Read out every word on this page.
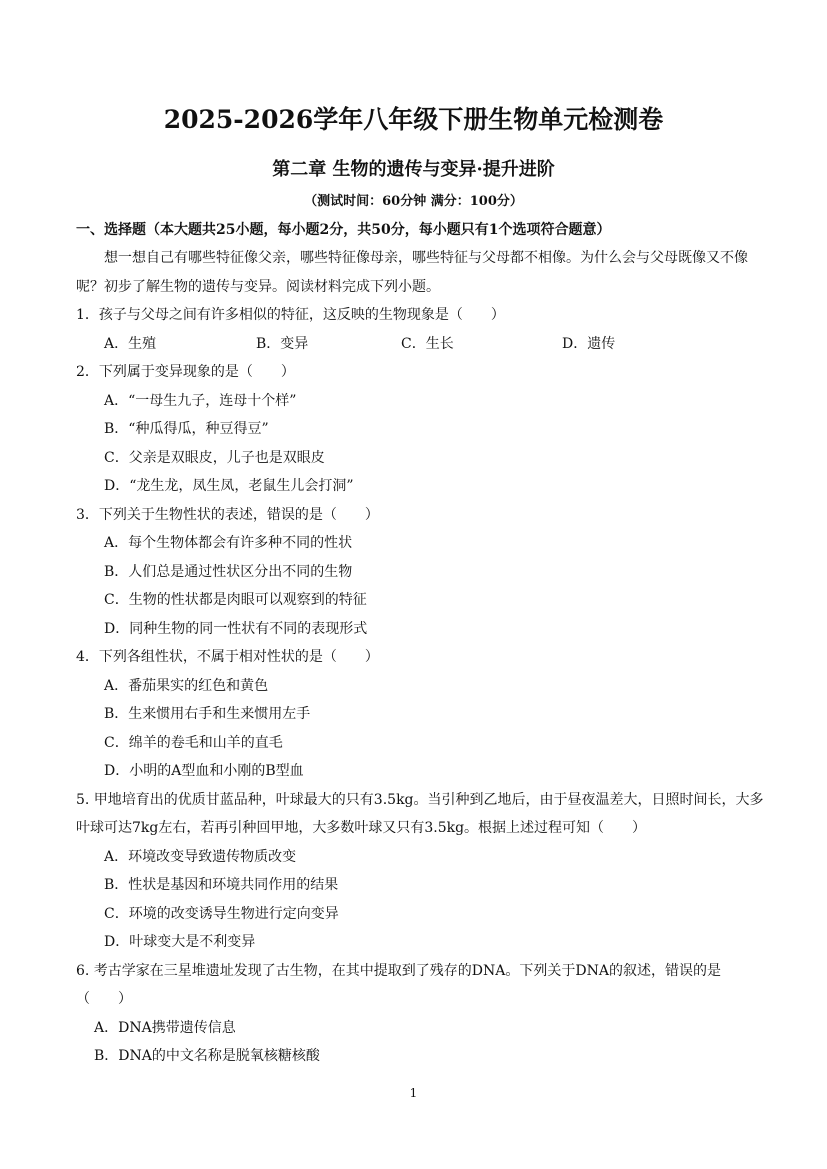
2025-2026学年八年级下册生物单元检测卷
第二章 生物的遗传与变异·提升进阶
（测试时间：60分钟 满分：100分）
一、选择题（本大题共25小题，每小题2分，共50分，每小题只有1个选项符合题意）

想一想自己有哪些特征像父亲，哪些特征像母亲，哪些特征与父母都不相像。为什么会与父母既像又不像呢？初步了解生物的遗传与变异。阅读材料完成下列小题。

1．孩子与父母之间有许多相似的特征，这反映的生物现象是（　　）

A．生殖	B．变异	C．生长	D．遗传

2．下列属于变异现象的是（　　）

A．“一母生九子，连母十个样”

B．“种瓜得瓜，种豆得豆”

C．父亲是双眼皮，儿子也是双眼皮

D．“龙生龙，凤生凤，老鼠生儿会打洞”

3．下列关于生物性状的表述，错误的是（　　）

A．每个生物体都会有许多种不同的性状

B．人们总是通过性状区分出不同的生物

C．生物的性状都是肉眼可以观察到的特征

D．同种生物的同一性状有不同的表现形式

4．下列各组性状，不属于相对性状的是（　　）

A．番茄果实的红色和黄色

B．生来惯用右手和生来惯用左手

C．绵羊的卷毛和山羊的直毛

D．小明的A型血和小刚的B型血

5. 甲地培育出的优质甘蓝品种，叶球最大的只有3.5kg。当引种到乙地后，由于昼夜温差大，日照时间长，大多叶球可达7kg左右，若再引种回甲地，大多数叶球又只有3.5kg。根据上述过程可知（　　）

A．环境改变导致遗传物质改变

B．性状是基因和环境共同作用的结果

C．环境的改变诱导生物进行定向变异

D．叶球变大是不利变异

6. 考古学家在三星堆遗址发现了古生物，在其中提取到了残存的DNA。下列关于DNA的叙述，错误的是（　　）

A．DNA携带遗传信息

B．DNA的中文名称是脱氧核糖核酸

1
